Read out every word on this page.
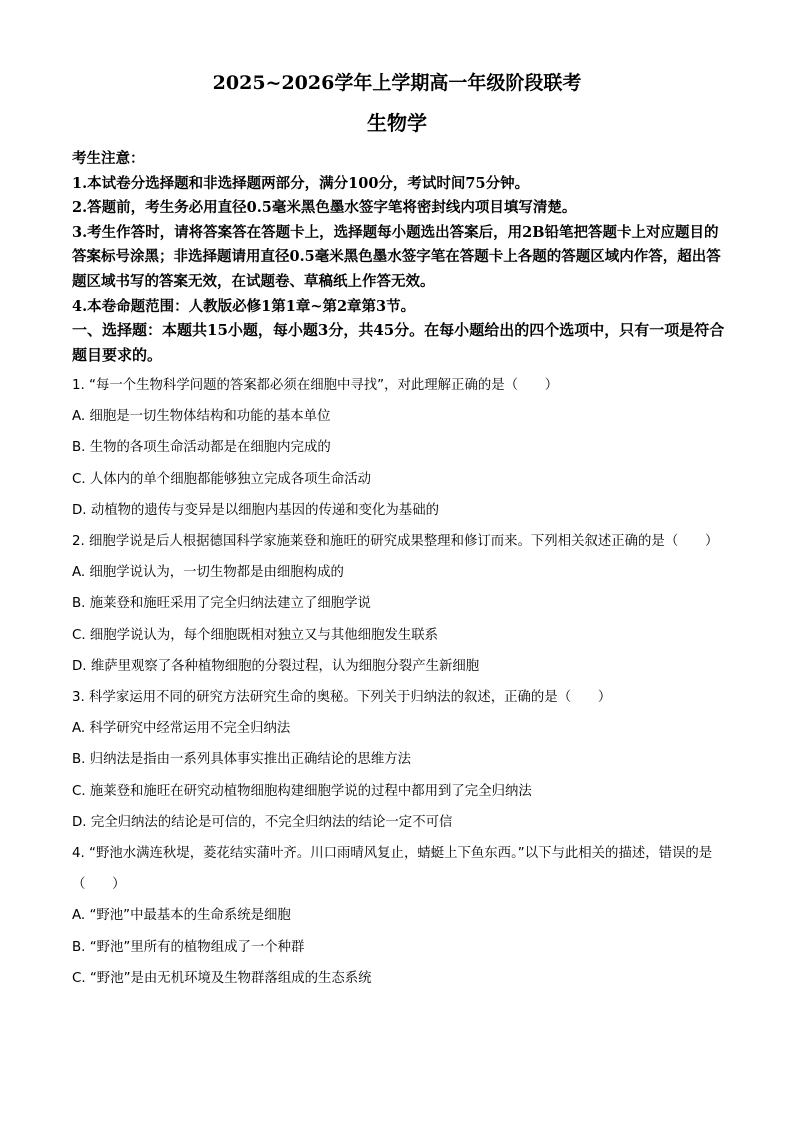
2025~2026学年上学期高一年级阶段联考
生物学

考生注意：

1.本试卷分选择题和非选择题两部分，满分100分，考试时间75分钟。

2.答题前，考生务必用直径0.5毫米黑色墨水签字笔将密封线内项目填写清楚。

3.考生作答时，请将答案答在答题卡上，选择题每小题选出答案后，用2B铅笔把答题卡上对应题目的答案标号涂黑；非选择题请用直径0.5毫米黑色墨水签字笔在答题卡上各题的答题区域内作答，超出答题区域书写的答案无效，在试题卷、草稿纸上作答无效。

4.本卷命题范围：人教版必修1第1章~第2章第3节。

一、选择题：本题共15小题，每小题3分，共45分。在每小题给出的四个选项中，只有一项是符合题目要求的。

1. “每一个生物科学问题的答案都必须在细胞中寻找”，对此理解正确的是（　　）

A. 细胞是一切生物体结构和功能的基本单位

B. 生物的各项生命活动都是在细胞内完成的

C. 人体内的单个细胞都能够独立完成各项生命活动

D. 动植物的遗传与变异是以细胞内基因的传递和变化为基础的

2. 细胞学说是后人根据德国科学家施莱登和施旺的研究成果整理和修订而来。下列相关叙述正确的是（　　）

A. 细胞学说认为，一切生物都是由细胞构成的

B. 施莱登和施旺采用了完全归纳法建立了细胞学说

C. 细胞学说认为，每个细胞既相对独立又与其他细胞发生联系

D. 维萨里观察了各种植物细胞的分裂过程，认为细胞分裂产生新细胞

3. 科学家运用不同的研究方法研究生命的奥秘。下列关于归纳法的叙述，正确的是（　　）

A. 科学研究中经常运用不完全归纳法

B. 归纳法是指由一系列具体事实推出正确结论的思维方法

C. 施莱登和施旺在研究动植物细胞构建细胞学说的过程中都用到了完全归纳法

D. 完全归纳法的结论是可信的，不完全归纳法的结论一定不可信

4. “野池水满连秋堤，菱花结实蒲叶齐。川口雨晴风复止，蜻蜓上下鱼东西。”以下与此相关的描述，错误的是（　　）

A. “野池”中最基本的生命系统是细胞

B. “野池”里所有的植物组成了一个种群

C. “野池”是由无机环境及生物群落组成的生态系统
